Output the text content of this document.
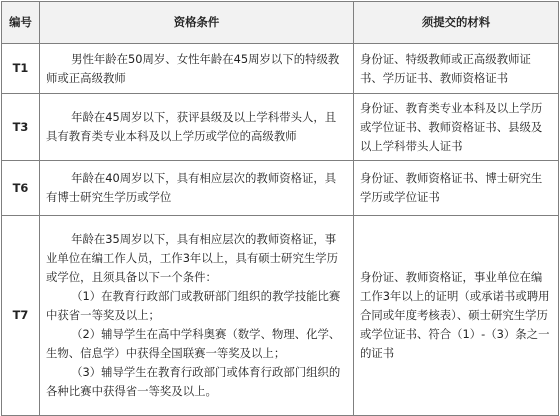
编号	资格条件	须提交的材料
T1	男性年龄在50周岁、女性年龄在45周岁以下的特级教师或正高级教师	身份证、特级教师或正高级教师证书、学历证书、教师资格证书
T3	年龄在45周岁以下，获评县级及以上学科带头人，且具有教育类专业本科及以上学历或学位的高级教师	身份证、教育类专业本科及以上学历或学位证书、教师资格证书、县级及以上学科带头人证书
T6	年龄在40周岁以下，具有相应层次的教师资格证，具有博士研究生学历或学位	身份证、教师资格证书、博士研究生学历或学位证书
T7	年龄在35周岁以下，具有相应层次的教师资格证，事业单位在编工作人员，工作3年以上，具有硕士研究生学历或学位，且须具备以下一个条件：

（1）在教育行政部门或教研部门组织的教学技能比赛中获省一等奖及以上；

（2）辅导学生在高中学科奥赛（数学、物理、化学、生物、信息学）中获得全国联赛一等奖及以上；

（3）辅导学生在教育行政部门或体育行政部门组织的各种比赛中获得省一等奖及以上。	身份证、教师资格证，事业单位在编工作3年以上的证明（或承诺书或聘用合同或年度考核表）、硕士研究生学历或学位证书、符合（1）-（3）条之一的证书
